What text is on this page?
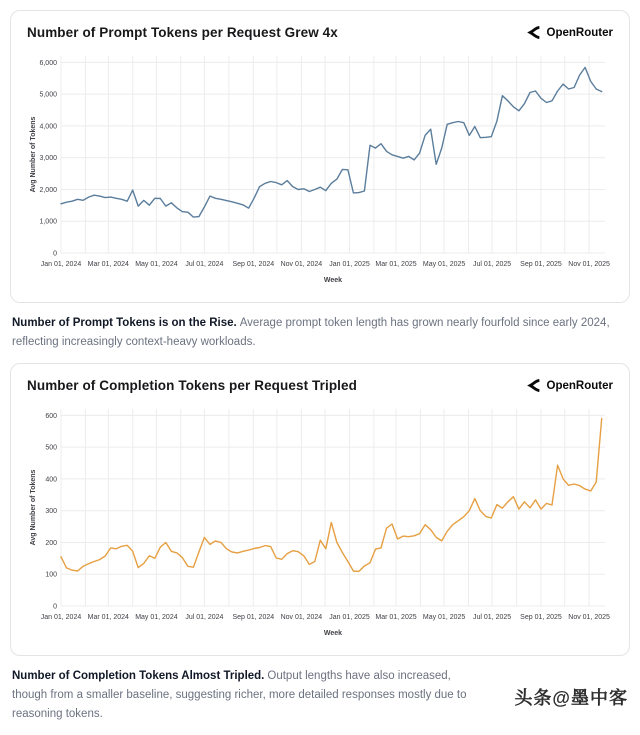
Number of Prompt Tokens per Request Grew 4x	OpenRouter
0
1,000
2,000
3,000
4,000
5,000
6,000
Jan 01, 2024 Mar 01, 2024 May 01, 2024 Jul 01, 2024 Sep 01, 2024 Nov 01, 2024 Jan 01, 2025 Mar 01, 2025 May 01, 2025 Jul 01, 2025 Sep 01, 2025 Nov 01, 2025
Week
Avg Number of Tokens

Number of Prompt Tokens is on the Rise. Average prompt token length has grown nearly fourfold since early 2024, reflecting increasingly context-heavy workloads.

Number of Completion Tokens per Request Tripled	OpenRouter
0
100
200
300
400
500
600
Jan 01, 2024 Mar 01, 2024 May 01, 2024 Jul 01, 2024 Sep 01, 2024 Nov 01, 2024 Jan 01, 2025 Mar 01, 2025 May 01, 2025 Jul 01, 2025 Sep 01, 2025 Nov 01, 2025
Week
Avg Number of Tokens

Number of Completion Tokens Almost Tripled. Output lengths have also increased, though from a smaller baseline, suggesting richer, more detailed responses mostly due to reasoning tokens.

头条@墨中客
